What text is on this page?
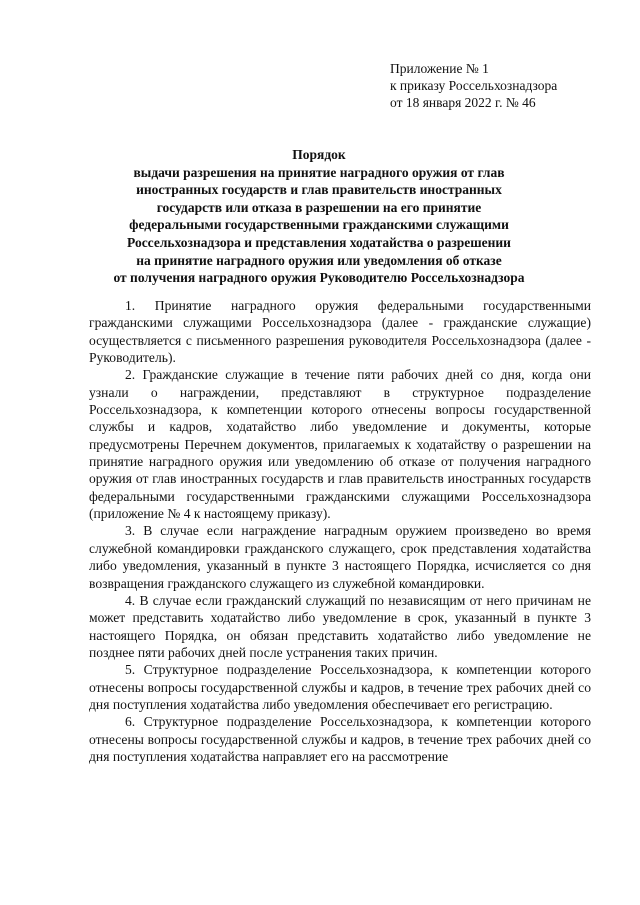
Приложение № 1
к приказу Россельхознадзора
от 18 января 2022 г. № 46
Порядок
выдачи разрешения на принятие наградного оружия от глав
иностранных государств и глав правительств иностранных
государств или отказа в разрешении на его принятие
федеральными государственными гражданскими служащими
Россельхознадзора и представления ходатайства о разрешении
на принятие наградного оружия или уведомления об отказе
от получения наградного оружия Руководителю Россельхознадзора

1. Принятие наградного оружия федеральными государственными гражданскими служащими Россельхознадзора (далее - гражданские служащие) осуществляется с письменного разрешения руководителя Россельхознадзора (далее - Руководитель).

2. Гражданские служащие в течение пяти рабочих дней со дня, когда они узнали о награждении, представляют в структурное подразделение Россельхознадзора, к компетенции которого отнесены вопросы государственной службы и кадров, ходатайство либо уведомление и документы, которые предусмотрены Перечнем документов, прилагаемых к ходатайству о разрешении на принятие наградного оружия или уведомлению об отказе от получения наградного оружия от глав иностранных государств и глав правительств иностранных государств федеральными государственными гражданскими служащими Россельхознадзора (приложение № 4 к настоящему приказу).

3. В случае если награждение наградным оружием произведено во время служебной командировки гражданского служащего, срок представления ходатайства либо уведомления, указанный в пункте 3 настоящего Порядка, исчисляется со дня возвращения гражданского служащего из служебной командировки.

4. В случае если гражданский служащий по независящим от него причинам не может представить ходатайство либо уведомление в срок, указанный в пункте 3 настоящего Порядка, он обязан представить ходатайство либо уведомление не позднее пяти рабочих дней после устранения таких причин.

5. Структурное подразделение Россельхознадзора, к компетенции которого отнесены вопросы государственной службы и кадров, в течение трех рабочих дней со дня поступления ходатайства либо уведомления обеспечивает его регистрацию.

6. Структурное подразделение Россельхознадзора, к компетенции которого отнесены вопросы государственной службы и кадров, в течение трех рабочих дней со дня поступления ходатайства направляет его на рассмотрение
